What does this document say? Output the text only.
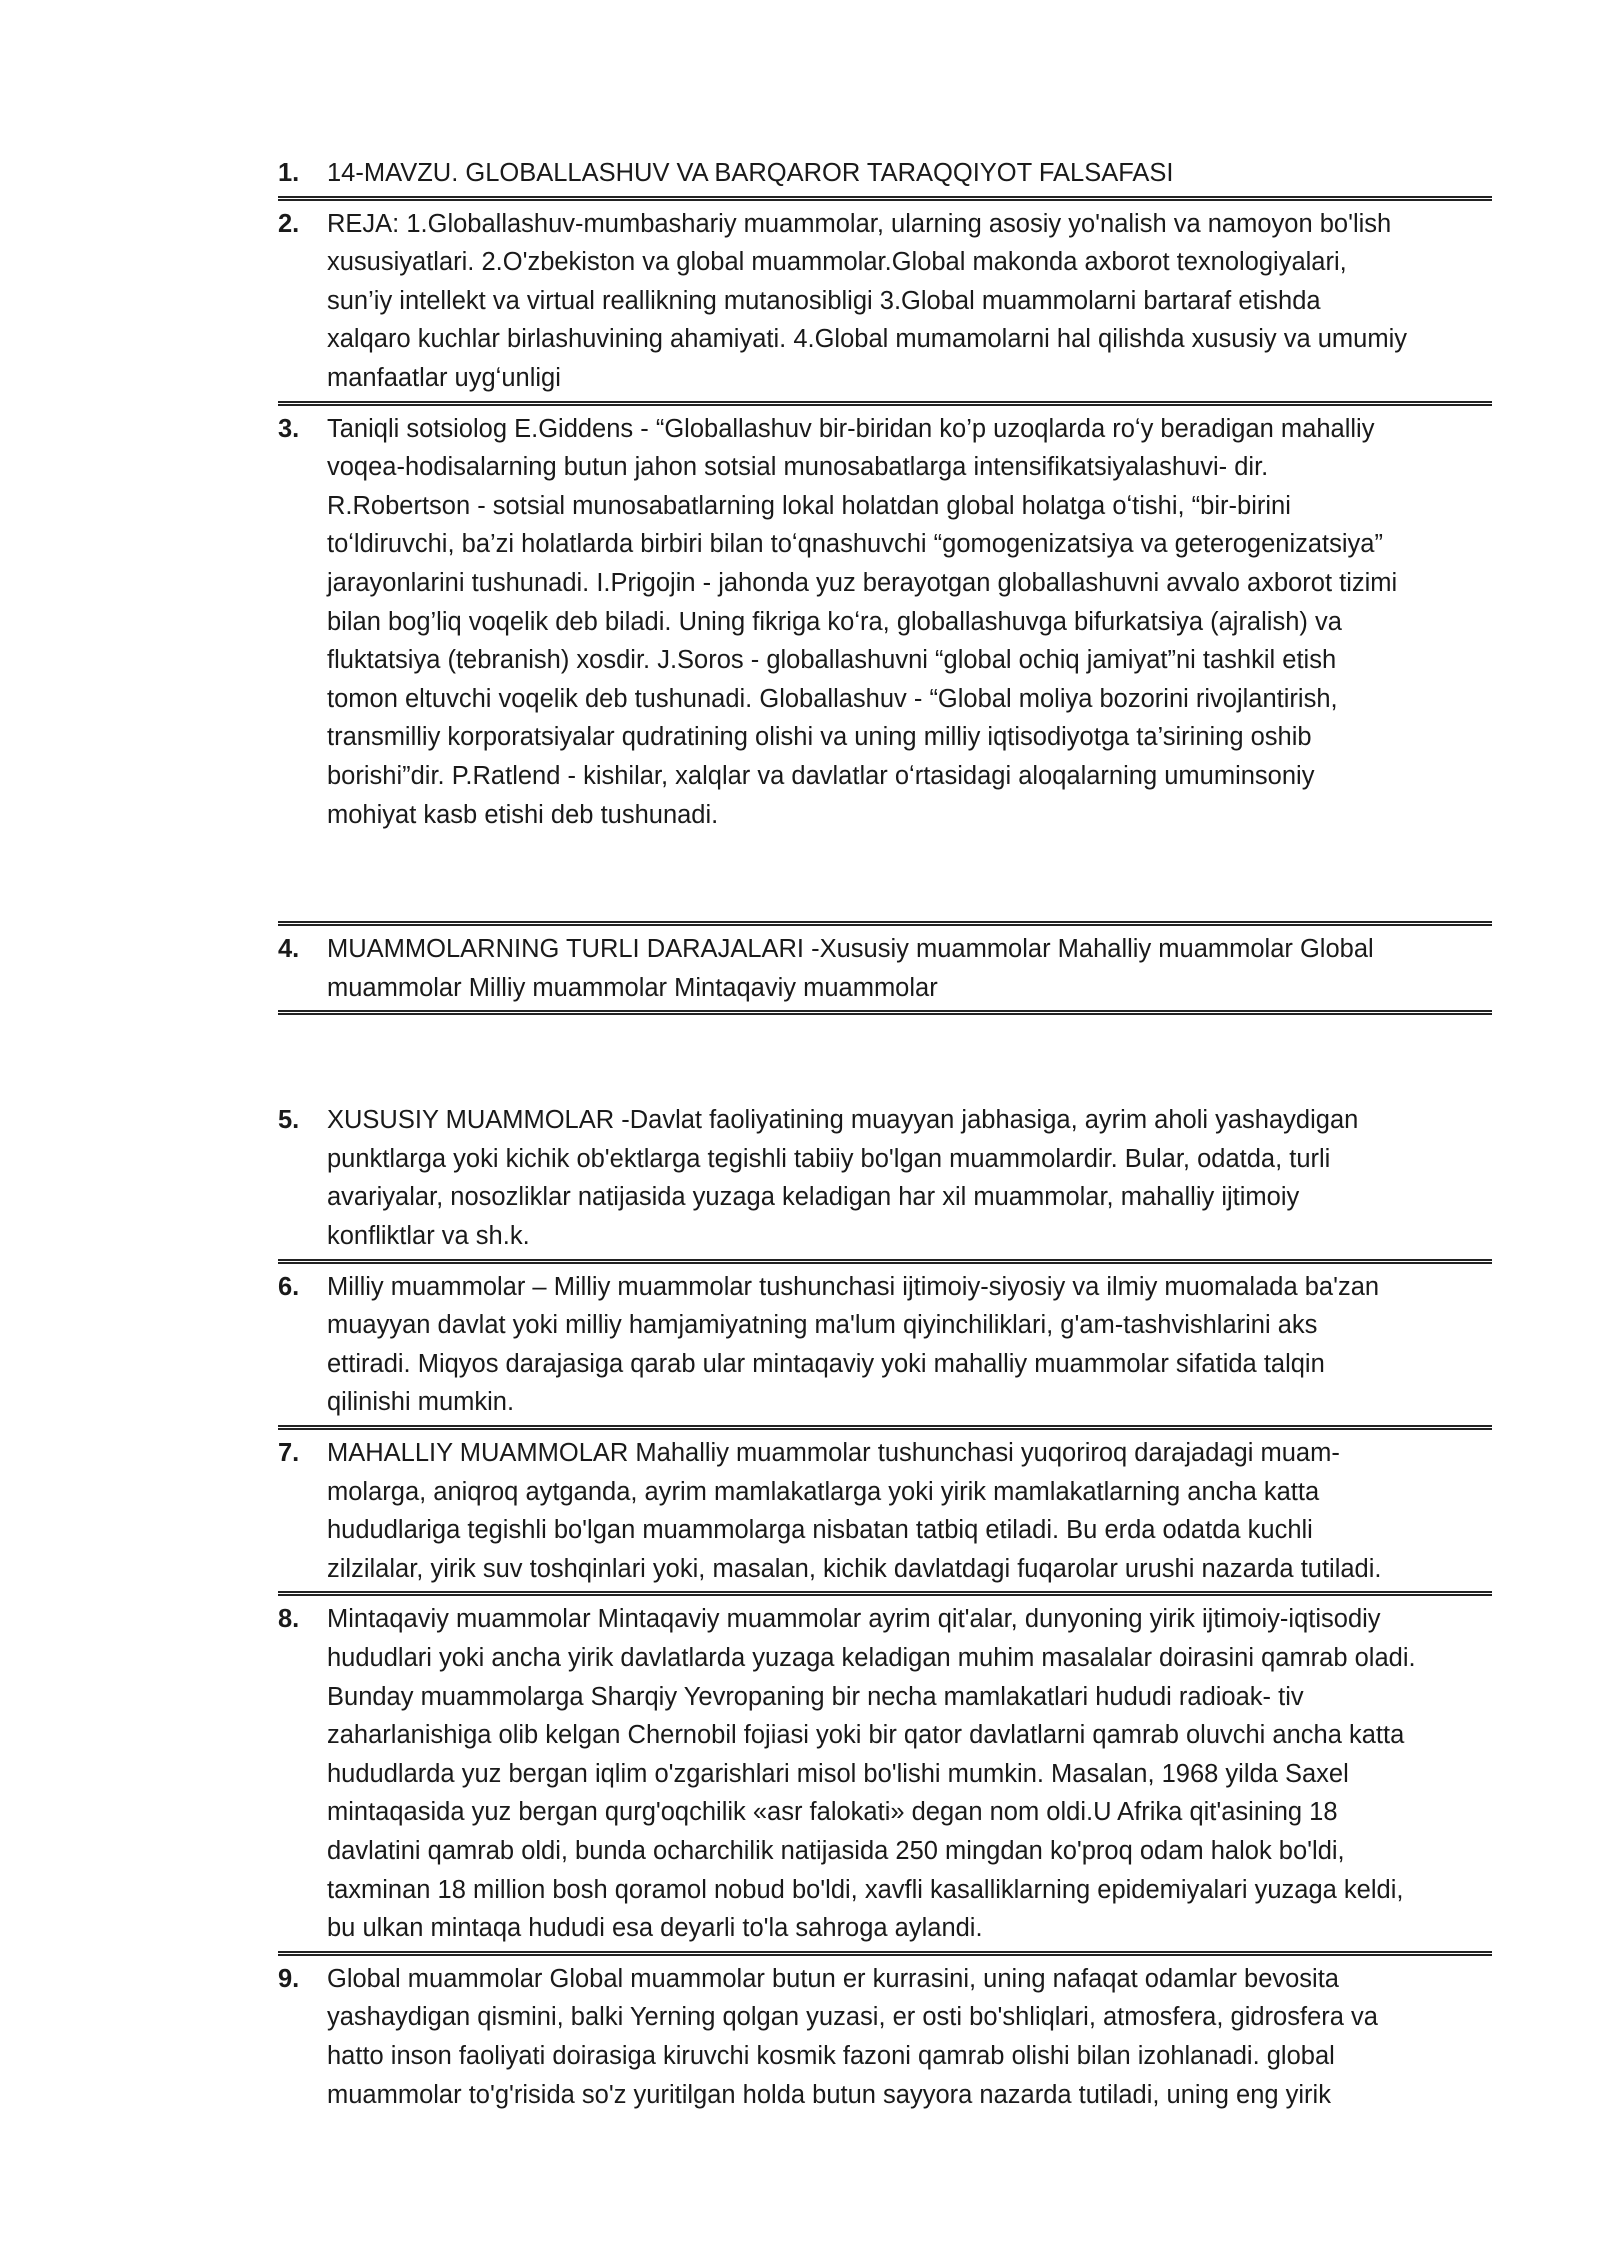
1.	14-MAVZU. GLOBALLASHUV VA BARQAROR TARAQQIYOT FALSAFASI
2.	REJA: 1.Globallashuv-mumbashariy muammolar, ularning asosiy yo'nalish va namoyon bo'lish
xususiyatlari. 2.O'zbekiston va global muammolar.Global makonda axborot texnologiyalari,
sun’iy intellekt va virtual reallikning mutanosibligi 3.Global muammolarni bartaraf etishda
xalqaro kuchlar birlashuvining ahamiyati. 4.Global mumamolarni hal qilishda xususiy va umumiy
manfaatlar uygʻunligi
3.	Taniqli sotsiolog E.Giddens - “Globallashuv bir-biridan ko’p uzoqlarda roʻy beradigan mahalliy
voqea-hodisalarning butun jahon sotsial munosabatlarga intensifikatsiyalashuvi- dir.
R.Robertson - sotsial munosabatlarning lokal holatdan global holatga oʻtishi, “bir-birini
toʻldiruvchi, ba’zi holatlarda birbiri bilan toʻqnashuvchi “gomogenizatsiya va geterogenizatsiya”
jarayonlarini tushunadi. I.Prigojin - jahonda yuz berayotgan globallashuvni avvalo axborot tizimi
bilan bog’liq voqelik deb biladi. Uning fikriga koʻra, globallashuvga bifurkatsiya (ajralish) va
fluktatsiya (tebranish) xosdir. J.Soros - globallashuvni “global ochiq jamiyat”ni tashkil etish
tomon eltuvchi voqelik deb tushunadi. Globallashuv - “Global moliya bozorini rivojlantirish,
transmilliy korporatsiyalar qudratining olishi va uning milliy iqtisodiyotga ta’sirining oshib
borishi”dir. P.Ratlend - kishilar, xalqlar va davlatlar oʻrtasidagi aloqalarning umuminsoniy
mohiyat kasb etishi deb tushunadi.
4.	MUAMMOLARNING TURLI DARAJALARI -Xususiy muammolar Mahalliy muammolar Global
muammolar Milliy muammolar Mintaqaviy muammolar
5.	XUSUSIY MUAMMOLAR -Davlat faoliyatining muayyan jabhasiga, ayrim aholi yashaydigan
punktlarga yoki kichik ob'ektlarga tegishli tabiiy bo'lgan muammolardir. Bular, odatda, turli
avariyalar, nosozliklar natijasida yuzaga keladigan har xil muammolar, mahalliy ijtimoiy
konfliktlar va sh.k.
6.	Milliy muammolar – Milliy muammolar tushunchasi ijtimoiy-siyosiy va ilmiy muomalada ba'zan
muayyan davlat yoki milliy hamjamiyatning ma'lum qiyinchiliklari, g'am-tashvishlarini aks
ettiradi. Miqyos darajasiga qarab ular mintaqaviy yoki mahalliy muammolar sifatida talqin
qilinishi mumkin.
7.	MAHALLIY MUAMMOLAR Mahalliy muammolar tushunchasi yuqoriroq darajadagi muam-
molarga, aniqroq aytganda, ayrim mamlakatlarga yoki yirik mamlakatlarning ancha katta
hududlariga tegishli bo'lgan muammolarga nisbatan tatbiq etiladi. Bu erda odatda kuchli
zilzilalar, yirik suv toshqinlari yoki, masalan, kichik davlatdagi fuqarolar urushi nazarda tutiladi.
8.	Mintaqaviy muammolar Mintaqaviy muammolar ayrim qit'alar, dunyoning yirik ijtimoiy-iqtisodiy
hududlari yoki ancha yirik davlatlarda yuzaga keladigan muhim masalalar doirasini qamrab oladi.
Bunday muammolarga Sharqiy Yevropaning bir necha mamlakatlari hududi radioak- tiv
zaharlanishiga olib kelgan Chernobil fojiasi yoki bir qator davlatlarni qamrab oluvchi ancha katta
hududlarda yuz bergan iqlim o'zgarishlari misol bo'lishi mumkin. Masalan, 1968 yilda Saxel
mintaqasida yuz bergan qurg'oqchilik «asr falokati» degan nom oldi.U Afrika qit'asining 18
davlatini qamrab oldi, bunda ocharchilik natijasida 250 mingdan ko'proq odam halok bo'ldi,
taxminan 18 million bosh qoramol nobud bo'ldi, xavfli kasalliklarning epidemiyalari yuzaga keldi,
bu ulkan mintaqa hududi esa deyarli to'la sahroga aylandi.
9.	Global muammolar Global muammolar butun er kurrasini, uning nafaqat odamlar bevosita
yashaydigan qismini, balki Yerning qolgan yuzasi, er osti bo'shliqlari, atmosfera, gidrosfera va
hatto inson faoliyati doirasiga kiruvchi kosmik fazoni qamrab olishi bilan izohlanadi. global
muammolar to'g'risida so'z yuritilgan holda butun sayyora nazarda tutiladi, uning eng yirik
